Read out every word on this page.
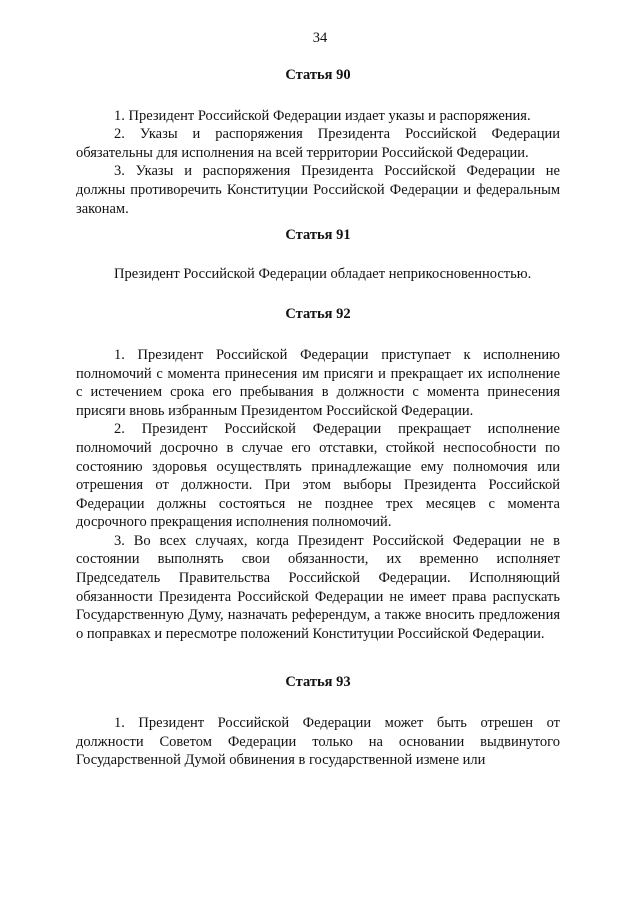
34
Статья 90

1. Президент Российской Федерации издает указы и распоряжения.

2. Указы и распоряжения Президента Российской Федерации обязательны для исполнения на всей территории Российской Федерации.

3. Указы и распоряжения Президента Российской Федерации не должны противоречить Конституции Российской Федерации и федеральным законам.

Статья 91

Президент Российской Федерации обладает неприкосновенностью.

Статья 92

1. Президент Российской Федерации приступает к исполнению полномочий с момента принесения им присяги и прекращает их исполнение с истечением срока его пребывания в должности с момента принесения присяги вновь избранным Президентом Российской Федерации.

2. Президент Российской Федерации прекращает исполнение полномочий досрочно в случае его отставки, стойкой неспособности по состоянию здоровья осуществлять принадлежащие ему полномочия или отрешения от должности. При этом выборы Президента Российской Федерации должны состояться не позднее трех месяцев с момента досрочного прекращения исполнения полномочий.

3. Во всех случаях, когда Президент Российской Федерации не в состоянии выполнять свои обязанности, их временно исполняет Председатель Правительства Российской Федерации. Исполняющий обязанности Президента Российской Федерации не имеет права распускать Государственную Думу, назначать референдум, а также вносить предложения о поправках и пересмотре положений Конституции Российской Федерации.

Статья 93

1. Президент Российской Федерации может быть отрешен от должности Советом Федерации только на основании выдвинутого Государственной Думой обвинения в государственной измене или
